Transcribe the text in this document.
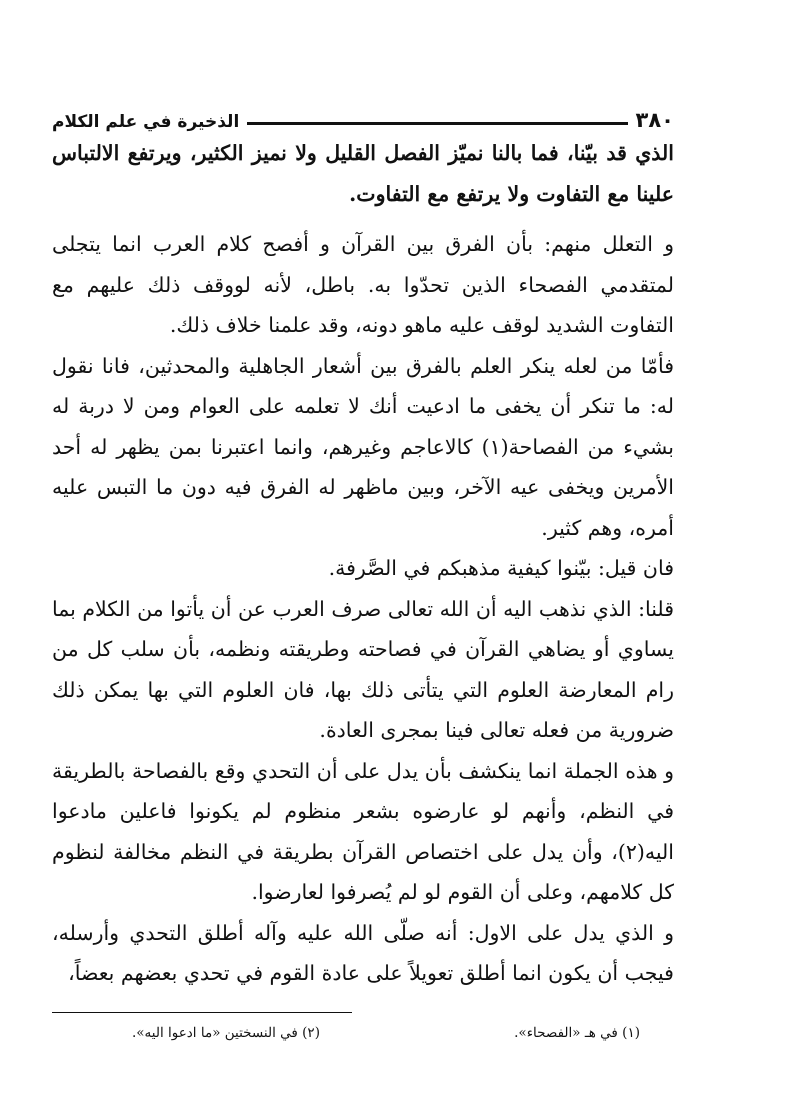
٣٨٠
الذخيرة في علم الكلام

الذي قد بيّنا، فما بالنا نميّز الفصل القليل ولا نميز الكثير، ويرتفع الالتباس علينا مع التفاوت ولا يرتفع مع التفاوت.

و التعلل منهم: بأن الفرق بين القرآن و أفصح كلام العرب انما يتجلى لمتقدمي الفصحاء الذين تحدّوا به. باطل، لأنه لووقف ذلك عليهم مع التفاوت الشديد لوقف عليه ماهو دونه، وقد علمنا خلاف ذلك.

فأمّا من لعله ينكر العلم بالفرق بين أشعار الجاهلية والمحدثين، فانا نقول له: ما تنكر أن يخفى ما ادعيت أنك لا تعلمه على العوام ومن لا دربة له بشيء من الفصاحة(١) كالاعاجم وغيرهم، وانما اعتبرنا بمن يظهر له أحد الأمرين ويخفى عيه الآخر، وبين ماظهر له الفرق فيه دون ما التبس عليه أمره، وهم كثير.

فان قيل: بيّنوا كيفية مذهبكم في الصَّرفة.

قلنا: الذي نذهب اليه أن الله تعالى صرف العرب عن أن يأتوا من الكلام بما يساوي أو يضاهي القرآن في فصاحته وطريقته ونظمه، بأن سلب كل من رام المعارضة العلوم التي يتأتى ذلك بها، فان العلوم التي بها يمكن ذلك ضرورية من فعله تعالى فينا بمجرى العادة.

و هذه الجملة انما ينكشف بأن يدل على أن التحدي وقع بالفصاحة بالطريقة في النظم، وأنهم لو عارضوه بشعر منظوم لم يكونوا فاعلين مادعوا اليه(٢)، وأن يدل على اختصاص القرآن بطريقة في النظم مخالفة لنظوم كل كلامهم، وعلى أن القوم لو لم يُصرفوا لعارضوا.

و الذي يدل على الاول: أنه صلّى الله عليه وآله أطلق التحدي وأرسله، فيجب أن يكون انما أطلق تعويلاً على عادة القوم في تحدي بعضهم بعضاً،

(١) في هـ «الفصحاء».
(٢) في النسختين «ما ادعوا اليه».
